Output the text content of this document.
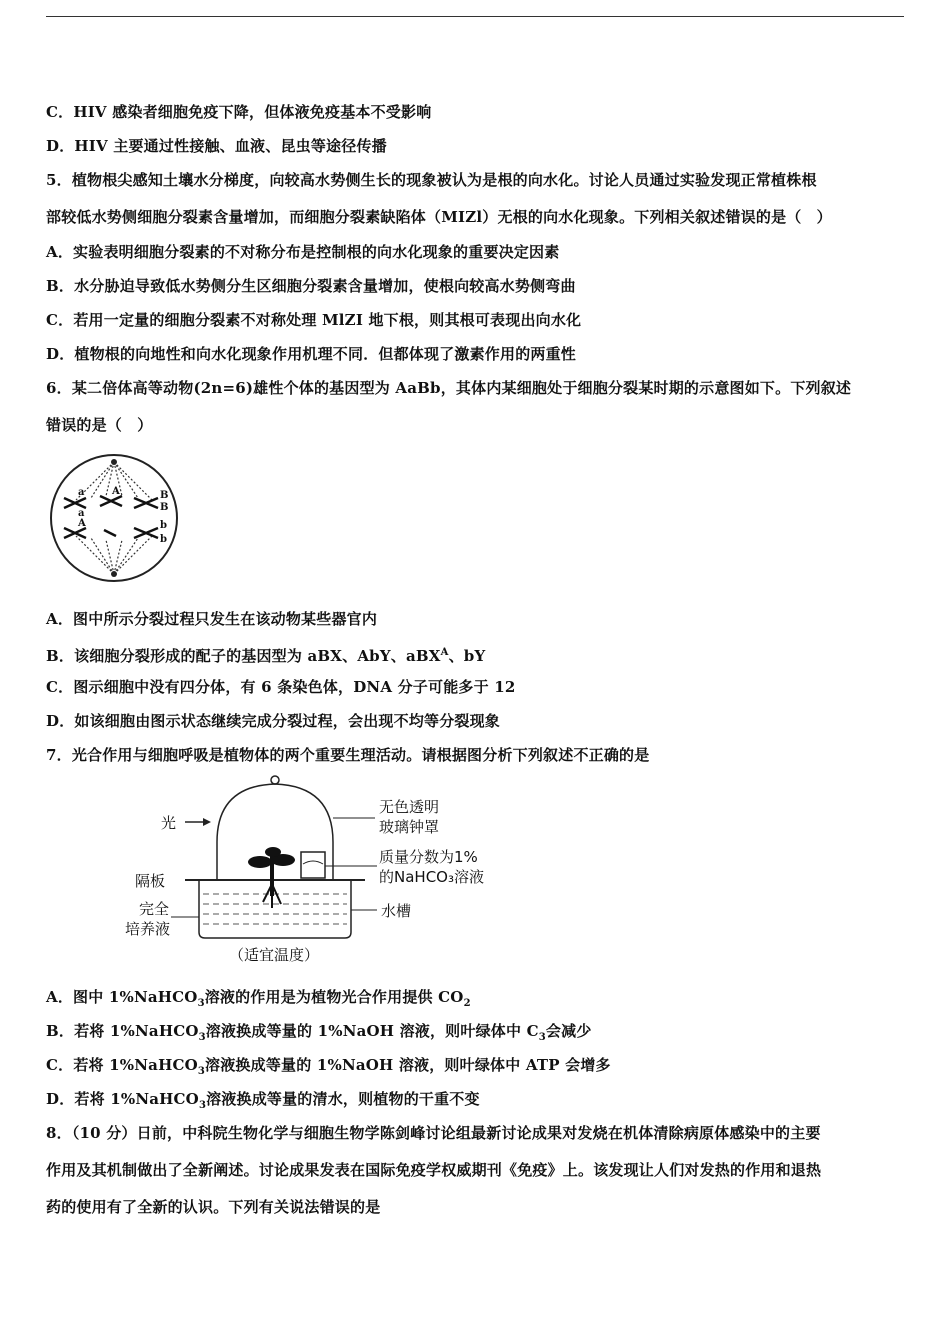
C．HIV 感染者细胞免疫下降，但体液免疫基本不受影响
D．HIV 主要通过性接触、血液、昆虫等途径传播
5．植物根尖感知土壤水分梯度，向较高水势侧生长的现象被认为是根的向水化。讨论人员通过实验发现正常植株根
部较低水势侧细胞分裂素含量增加，而细胞分裂素缺陷体（MIZl）无根的向水化现象。下列相关叙述错误的是（　）
A．实验表明细胞分裂素的不对称分布是控制根的向水化现象的重要决定因素
B．水分胁迫导致低水势侧分生区细胞分裂素含量增加，使根向较高水势侧弯曲
C．若用一定量的细胞分裂素不对称处理 MlZI 地下根，则其根可表现出向水化
D．植物根的向地性和向水化现象作用机理不同．但都体现了激素作用的两重性
6．某二倍体高等动物(2n=6)雄性个体的基因型为 AaBb，其体内某细胞处于细胞分裂某时期的示意图如下。下列叙述
错误的是（　）
a	A	B
B
a
b
A
b
A．图中所示分裂过程只发生在该动物某些器官内
B．该细胞分裂形成的配子的基因型为 aBX、AbY、aBX$^A$、bY
C．图示细胞中没有四分体，有 6 条染色体，DNA 分子可能多于 12
D．如该细胞由图示状态继续完成分裂过程，会出现不均等分裂现象
7．光合作用与细胞呼吸是植物体的两个重要生理活动。请根据图分析下列叙述不正确的是
光
隔板
完全
培养液
无色透明
玻璃钟罩
质量分数为1%
的NaHCO₃溶液
水槽
（适宜温度）
A．图中 1%NaHCO$_3$溶液的作用是为植物光合作用提供 $CO_2$
B．若将 1%NaHCO$_3$溶液换成等量的 1%NaOH 溶液，则叶绿体中 $C_3$会减少
C．若将 1%NaHCO$_3$溶液换成等量的 1%NaOH 溶液，则叶绿体中 ATP 会增多
D．若将 1%NaHCO$_3$溶液换成等量的清水，则植物的干重不变
8．（10 分）日前，中科院生物化学与细胞生物学陈剑峰讨论组最新讨论成果对发烧在机体清除病原体感染中的主要
作用及其机制做出了全新阐述。讨论成果发表在国际免疫学权威期刊《免疫》上。该发现让人们对发热的作用和退热
药的使用有了全新的认识。下列有关说法错误的是
